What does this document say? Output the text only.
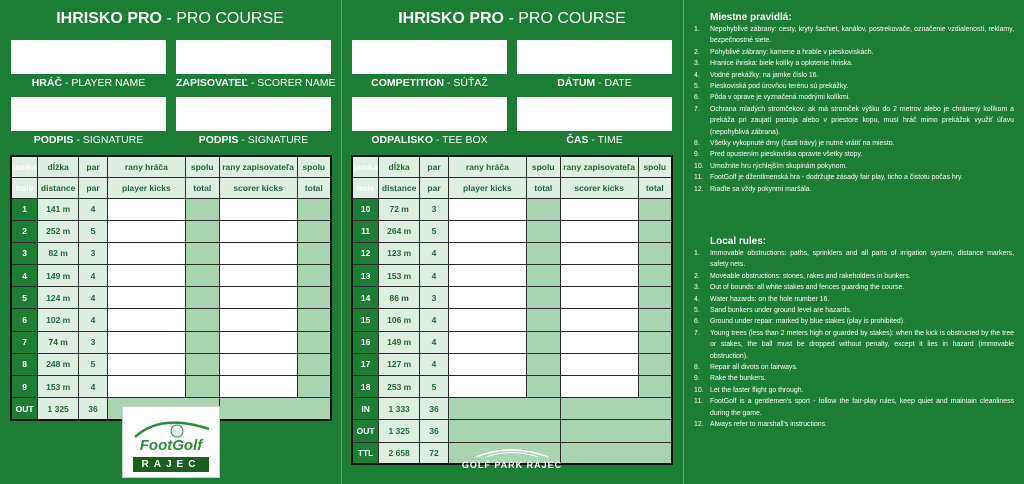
IHRISKO PRO - PRO COURSE
HRÁČ - PLAYER NAME	ZAPISOVATEĽ - SCORER NAME
PODPIS - SIGNATURE	PODPIS - SIGNATURE
jamka	dĺžka	par	rany hráča	spolu	rany zapisovateľa	spolu
hole	distance	par	player kicks	total	scorer kicks	total
1	141 m	4				
2	252 m	5				
3	82 m	3				
4	149 m	4				
5	124 m	4				
6	102 m	4				
7	74 m	3				
8	248 m	5				
9	153 m	4				
OUT	1 325	36				
FootGolf
RAJEC
IHRISKO PRO - PRO COURSE
COMPETITION - SÚŤAŽ	DÁTUM - DATE
ODPALISKO - TEE BOX	ČAS - TIME
jamka	dĺžka	par	rany hráča	spolu	rany zapisovateľa	spolu
hole	distance	par	player kicks	total	scorer kicks	total
10	72 m	3				
11	264 m	5				
12	123 m	4				
13	153 m	4				
14	86 m	3				
15	106 m	4				
16	149 m	4				
17	127 m	4				
18	253 m	5				
IN	1 333	36				
OUT	1 325	36				
TTL	2 658	72				
GOLF PARK RAJEC
Miestne pravidlá:
1.	Nepohyblivé zábrany: cesty, kryty šachiet, kanálov, postrekovače, označenie vzdialeností, reklamy, bezpečnostné siete.
2.	Pohyblivé zábrany: kamene a hrable v pieskoviskách.
3.	Hranice ihriska: biele kolíky a oplotenie ihriska.
4.	Vodné prekážky: na jamke číslo 16.
5.	Pieskoviská pod úrovňou terénu sú prekážky.
6.	Pôda v oprave je vyznačená modrými kolíkmi.
7.	Ochrana mladých stromčekov: ak má stromček výšku do 2 metrov alebo je chránený kolíkom a prekáža pri zaujatí postoja alebo v priestore kopu, musí hráč mimo prekážok využiť úľavu (nepohyblivá zábrana).
8.	Všetky vykopnuté drny (časti trávy) je nutné vrátiť na miesto.
9.	Pred opustením pieskoviska opravte všetky stopy.
10. Umožnite hru rýchlejším skupinám pokynom.
11.	FootGolf je džentlmenská hra - dodržujte zásady fair play, ticho a čistotu počas hry.
12. Riaďte sa vždy pokynmi maršála.
Local rules:
1.	Immovable obstructions: paths, sprinklers and all parts of irrigation system, distance markers, safety nets.
2.	Moveable obstructions: stones, rakes and rakeholders in bunkers.
3.	Out of bounds: all white stakes and fences guarding the course.
4.	Water hazards: on the hole number 16.
5.	Sand bunkers under ground level are hazards.
6.	Ground under repair: marked by blue stakes (play is prohibited).
7.	Young trees (less than 2 meters high or guarded by stakes): when the kick is obstructed by the tree or stakes, the ball must be dropped without penalty, except it lies in hazard (immovable obstruction).
8.	Repair all divots on fairways.
9.	Rake the bunkers.
10. Let the faster flight go through.
11.	FootGolf is a gentlemen's sport - follow the fair-play rules, keep quiet and maintain cleanliness during the game.
12. Always refer to marshall's instructions.
